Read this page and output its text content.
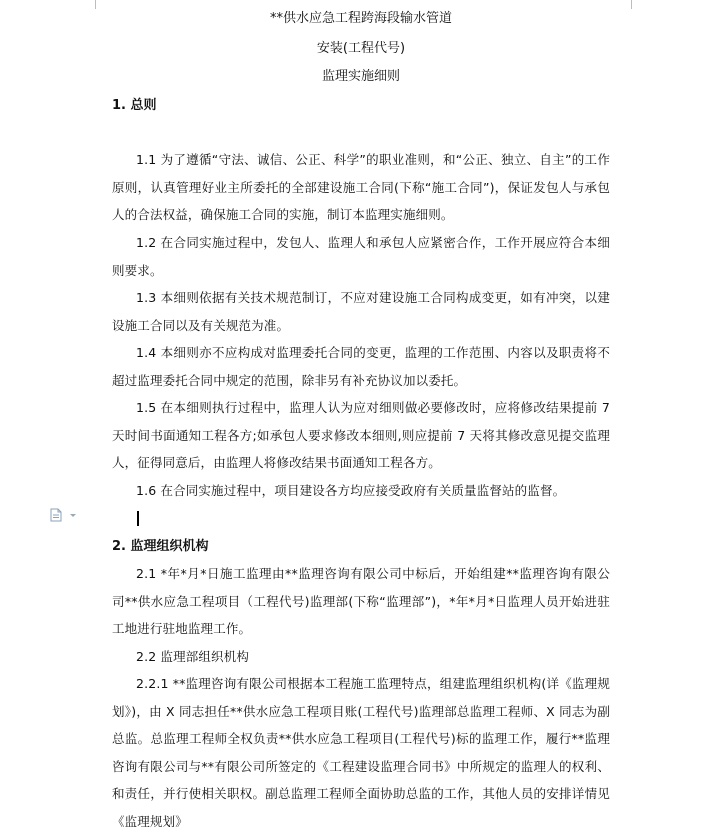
**供水应急工程跨海段输水管道
安装(工程代号)
监理实施细则
1. 总则
1.1 为了遵循“守法、诚信、公正、科学”的职业准则，和“公正、独立、自主”的工作原则，认真管理好业主所委托的全部建设施工合同(下称“施工合同”)，保证发包人与承包人的合法权益，确保施工合同的实施，制订本监理实施细则。
1.2 在合同实施过程中，发包人、监理人和承包人应紧密合作，工作开展应符合本细则要求。
1.3 本细则依据有关技术规范制订，不应对建设施工合同构成变更，如有冲突，以建设施工合同以及有关规范为准。
1.4 本细则亦不应构成对监理委托合同的变更，监理的工作范围、内容以及职责将不超过监理委托合同中规定的范围，除非另有补充协议加以委托。
1.5 在本细则执行过程中，监理人认为应对细则做必要修改时，应将修改结果提前 7 天时间书面通知工程各方;如承包人要求修改本细则,则应提前 7 天将其修改意见提交监理人，征得同意后，由监理人将修改结果书面通知工程各方。
1.6 在合同实施过程中，项目建设各方均应接受政府有关质量监督站的监督。
2. 监理组织机构
2.1 *年*月*日施工监理由**监理咨询有限公司中标后，开始组建**监理咨询有限公司**供水应急工程项目（工程代号)监理部(下称“监理部”)，*年*月*日监理人员开始进驻工地进行驻地监理工作。
2.2 监理部组织机构
2.2.1 **监理咨询有限公司根据本工程施工监理特点，组建监理组织机构(详《监理规划》)，由 X 同志担任**供水应急工程项目账(工程代号)监理部总监理工程师、X 同志为副总监。总监理工程师全权负责**供水应急工程项目(工程代号)标的监理工作，履行**监理咨询有限公司与**有限公司所签定的《工程建设监理合同书》中所规定的监理人的权利、和责任，并行使相关职权。副总监理工程师全面协助总监的工作，其他人员的安排详情见《监理规划》
